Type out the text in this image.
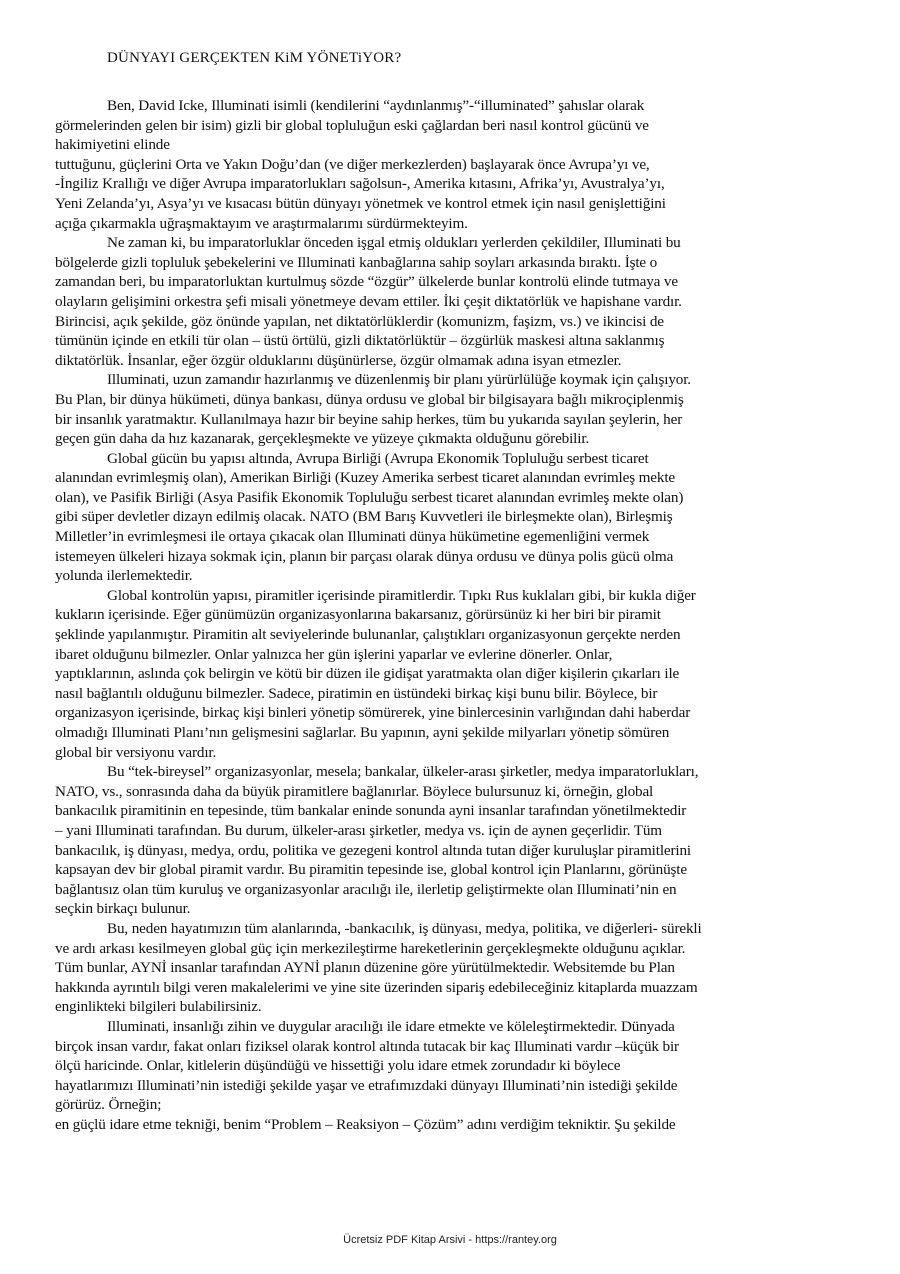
DÜNYAYI GERÇEKTEN KiM YÖNETiYOR?
Ben, David Icke, Illuminati isimli (kendilerini “aydınlanmış”-“illuminated” şahıslar olarak
görmelerinden gelen bir isim) gizli bir global topluluğun eski çağlardan beri nasıl kontrol gücünü ve
hakimiyetini elinde
tuttuğunu, güçlerini Orta ve Yakın Doğu’dan (ve diğer merkezlerden) başlayarak önce Avrupa’yı ve,
-İngiliz Krallığı ve diğer Avrupa imparatorlukları sağolsun-, Amerika kıtasını, Afrika’yı, Avustralya’yı,
Yeni Zelanda’yı, Asya’yı ve kısacası bütün dünyayı yönetmek ve kontrol etmek için nasıl genişlettiğini
açığa çıkarmakla uğraşmaktayım ve araştırmalarımı sürdürmekteyim.
Ne zaman ki, bu imparatorluklar önceden işgal etmiş oldukları yerlerden çekildiler, Illuminati bu
bölgelerde gizli topluluk şebekelerini ve Illuminati kanbağlarına sahip soyları arkasında bıraktı. İşte o
zamandan beri, bu imparatorluktan kurtulmuş sözde “özgür” ülkelerde bunlar kontrolü elinde tutmaya ve
olayların gelişimini orkestra şefi misali yönetmeye devam ettiler. İki çeşit diktatörlük ve hapishane vardır.
Birincisi, açık şekilde, göz önünde yapılan, net diktatörlüklerdir (komunizm, faşizm, vs.) ve ikincisi de
tümünün içinde en etkili tür olan – üstü örtülü, gizli diktatörlüktür – özgürlük maskesi altına saklanmış
diktatörlük. İnsanlar, eğer özgür olduklarını düşünürlerse, özgür olmamak adına isyan etmezler.
Illuminati, uzun zamandır hazırlanmış ve düzenlenmiş bir planı yürürlülüğe koymak için çalışıyor.
Bu Plan, bir dünya hükümeti, dünya bankası, dünya ordusu ve global bir bilgisayara bağlı mikroçiplenmiş
bir insanlık yaratmaktır. Kullanılmaya hazır bir beyine sahip herkes, tüm bu yukarıda sayılan şeylerin, her
geçen gün daha da hız kazanarak, gerçekleşmekte ve yüzeye çıkmakta olduğunu görebilir.
Global gücün bu yapısı altında, Avrupa Birliği (Avrupa Ekonomik Topluluğu serbest ticaret
alanından evrimleşmiş olan), Amerikan Birliği (Kuzey Amerika serbest ticaret alanından evrimleş mekte
olan), ve Pasifik Birliği (Asya Pasifik Ekonomik Topluluğu serbest ticaret alanından evrimleş mekte olan)
gibi süper devletler dizayn edilmiş olacak. NATO (BM Barış Kuvvetleri ile birleşmekte olan), Birleşmiş
Milletler’in evrimleşmesi ile ortaya çıkacak olan Illuminati dünya hükümetine egemenliğini vermek
istemeyen ülkeleri hizaya sokmak için, planın bir parçası olarak dünya ordusu ve dünya polis gücü olma
yolunda ilerlemektedir.
Global kontrolün yapısı, piramitler içerisinde piramitlerdir. Tıpkı Rus kuklaları gibi, bir kukla diğer
kukların içerisinde. Eğer günümüzün organizasyonlarına bakarsanız, görürsünüz ki her biri bir piramit
şeklinde yapılanmıştır. Piramitin alt seviyelerinde bulunanlar, çalıştıkları organizasyonun gerçekte nerden
ibaret olduğunu bilmezler. Onlar yalnızca her gün işlerini yaparlar ve evlerine dönerler. Onlar,
yaptıklarının, aslında çok belirgin ve kötü bir düzen ile gidişat yaratmakta olan diğer kişilerin çıkarları ile
nasıl bağlantılı olduğunu bilmezler. Sadece, piratimin en üstündeki birkaç kişi bunu bilir. Böylece, bir
organizasyon içerisinde, birkaç kişi binleri yönetip sömürerek, yine binlercesinin varlığından dahi haberdar
olmadığı Illuminati Planı’nın gelişmesini sağlarlar. Bu yapının, ayni şekilde milyarları yönetip sömüren
global bir versiyonu vardır.
Bu “tek-bireysel” organizasyonlar, mesela; bankalar, ülkeler-arası şirketler, medya imparatorlukları,
NATO, vs., sonrasında daha da büyük piramitlere bağlanırlar. Böylece bulursunuz ki, örneğin, global
bankacılık piramitinin en tepesinde, tüm bankalar eninde sonunda ayni insanlar tarafından yönetilmektedir
– yani Illuminati tarafından. Bu durum, ülkeler-arası şirketler, medya vs. için de aynen geçerlidir. Tüm
bankacılık, iş dünyası, medya, ordu, politika ve gezegeni kontrol altında tutan diğer kuruluşlar piramitlerini
kapsayan dev bir global piramit vardır. Bu piramitin tepesinde ise, global kontrol için Planlarını, görünüşte
bağlantısız olan tüm kuruluş ve organizasyonlar aracılığı ile, ilerletip geliştirmekte olan Illuminati’nin en
seçkin birkaçı bulunur.
Bu, neden hayatımızın tüm alanlarında, -bankacılık, iş dünyası, medya, politika, ve diğerleri- sürekli
ve ardı arkası kesilmeyen global güç için merkezileştirme hareketlerinin gerçekleşmekte olduğunu açıklar.
Tüm bunlar, AYNİ insanlar tarafından AYNİ planın düzenine göre yürütülmektedir. Websitemde bu Plan
hakkında ayrıntılı bilgi veren makalelerimi ve yine site üzerinden sipariş edebileceğiniz kitaplarda muazzam
enginlikteki bilgileri bulabilirsiniz.
Illuminati, insanlığı zihin ve duygular aracılığı ile idare etmekte ve köleleştirmektedir. Dünyada
birçok insan vardır, fakat onları fiziksel olarak kontrol altında tutacak bir kaç Illuminati vardır –küçük bir
ölçü haricinde. Onlar, kitlelerin düşündüğü ve hissettiği yolu idare etmek zorundadır ki böylece
hayatlarımızı Illuminati’nin istediği şekilde yaşar ve etrafımızdaki dünyayı Illuminati’nin istediği şekilde
görürüz. Örneğin;
en güçlü idare etme tekniği, benim “Problem – Reaksiyon – Çözüm” adını verdiğim tekniktir. Şu şekilde
Ücretsiz PDF Kitap Arsivi - https://rantey.org
